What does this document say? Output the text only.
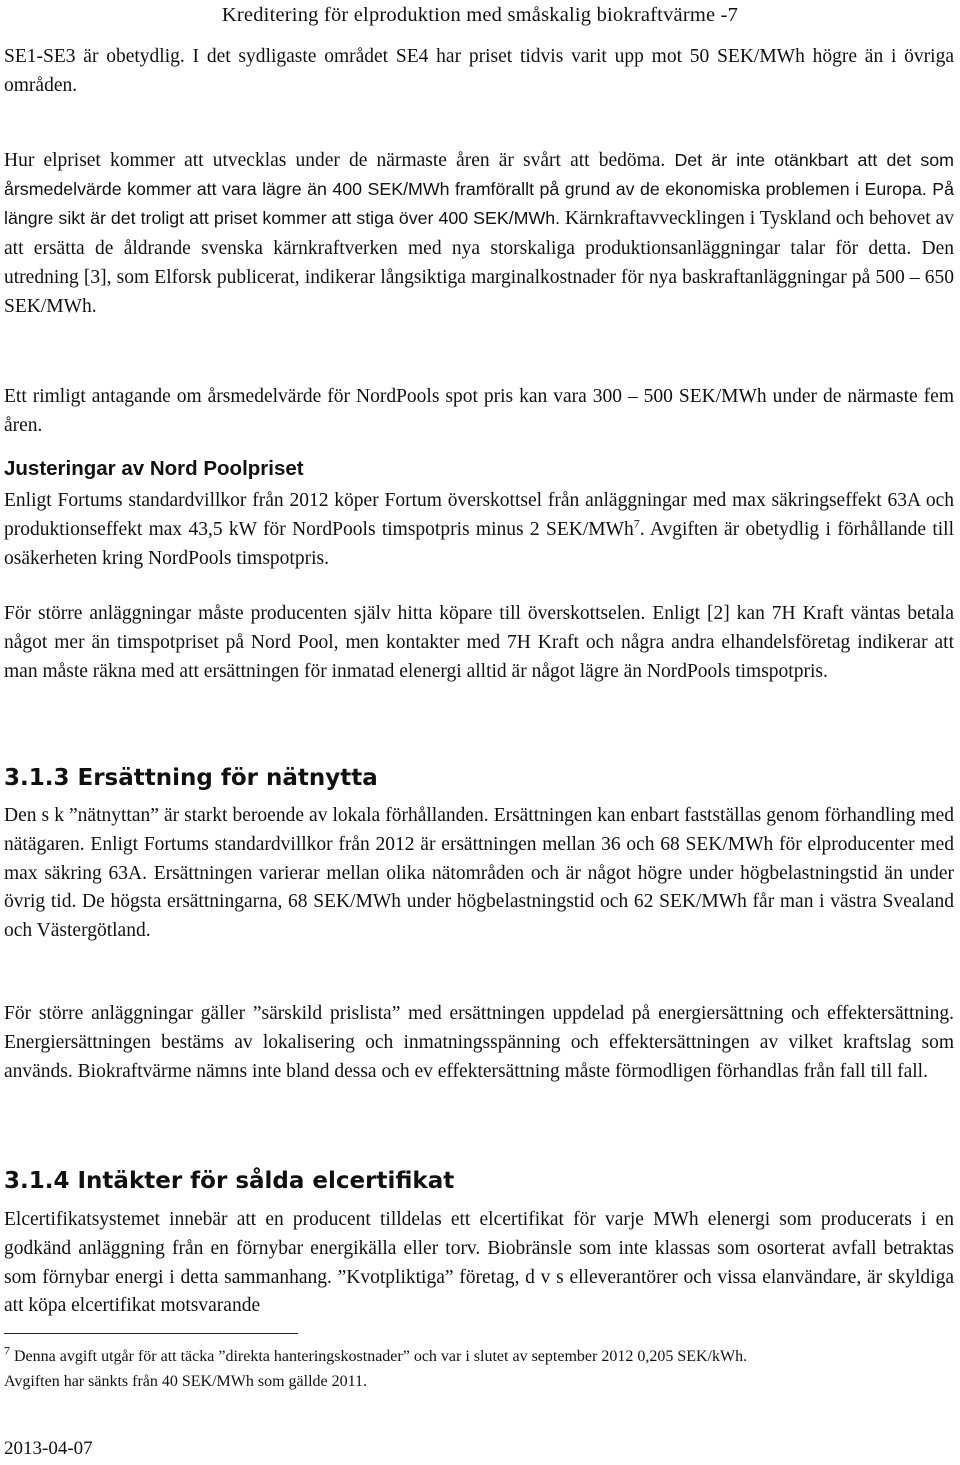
Kreditering för elproduktion med småskalig biokraftvärme -7

SE1-SE3 är obetydlig. I det sydligaste området SE4 har priset tidvis varit upp mot 50 SEK/MWh högre än i övriga områden.

Hur elpriset kommer att utvecklas under de närmaste åren är svårt att bedöma. Det är inte otänkbart att det som årsmedelvärde kommer att vara lägre än 400 SEK/MWh framförallt på grund av de ekonomiska problemen i Europa. På längre sikt är det troligt att priset kommer att stiga över 400 SEK/MWh. Kärnkraftavvecklingen i Tyskland och behovet av att ersätta de åldrande svenska kärnkraftverken med nya storskaliga produktionsanläggningar talar för detta. Den utredning [3], som Elforsk publicerat, indikerar långsiktiga marginalkostnader för nya baskraftanläggningar på 500 – 650 SEK/MWh.

Ett rimligt antagande om årsmedelvärde för NordPools spot pris kan vara 300 – 500 SEK/MWh under de närmaste fem åren.

Justeringar av Nord Poolpriset

Enligt Fortums standardvillkor från 2012 köper Fortum överskottsel från anläggningar med max säkringseffekt 63A och produktionseffekt max 43,5 kW för NordPools timspotpris minus 2 SEK/MWh$^7$. Avgiften är obetydlig i förhållande till osäkerheten kring NordPools timspotpris.

För större anläggningar måste producenten själv hitta köpare till överskottselen. Enligt [2] kan 7H Kraft väntas betala något mer än timspotpriset på Nord Pool, men kontakter med 7H Kraft och några andra elhandelsföretag indikerar att man måste räkna med att ersättningen för inmatad elenergi alltid är något lägre än NordPools timspotpris.

3.1.3 Ersättning för nätnytta

Den s k ”nätnyttan” är starkt beroende av lokala förhållanden. Ersättningen kan enbart fastställas genom förhandling med nätägaren. Enligt Fortums standardvillkor från 2012 är ersättningen mellan 36 och 68 SEK/MWh för elproducenter med max säkring 63A. Ersättningen varierar mellan olika nätområden och är något högre under högbelastningstid än under övrig tid. De högsta ersättningarna, 68 SEK/MWh under högbelastningstid och 62 SEK/MWh får man i västra Svealand och Västergötland.

För större anläggningar gäller ”särskild prislista” med ersättningen uppdelad på energiersättning och effektersättning. Energiersättningen bestäms av lokalisering och inmatningsspänning och effektersättningen av vilket kraftslag som används. Biokraftvärme nämns inte bland dessa och ev effektersättning måste förmodligen förhandlas från fall till fall.

3.1.4 Intäkter för sålda elcertifikat

Elcertifikatsystemet innebär att en producent tilldelas ett elcertifikat för varje MWh elenergi som producerats i en godkänd anläggning från en förnybar energikälla eller torv. Biobränsle som inte klassas som osorterat avfall betraktas som förnybar energi i detta sammanhang. ”Kvotpliktiga” företag, d v s elleverantörer och vissa elanvändare, är skyldiga att köpa elcertifikat motsvarande

$^7$ Denna avgift utgår för att täcka ”direkta hanteringskostnader” och var i slutet av september 2012 0,205 SEK/kWh.
Avgiften har sänkts från 40 SEK/MWh som gällde 2011.
2013-04-07
